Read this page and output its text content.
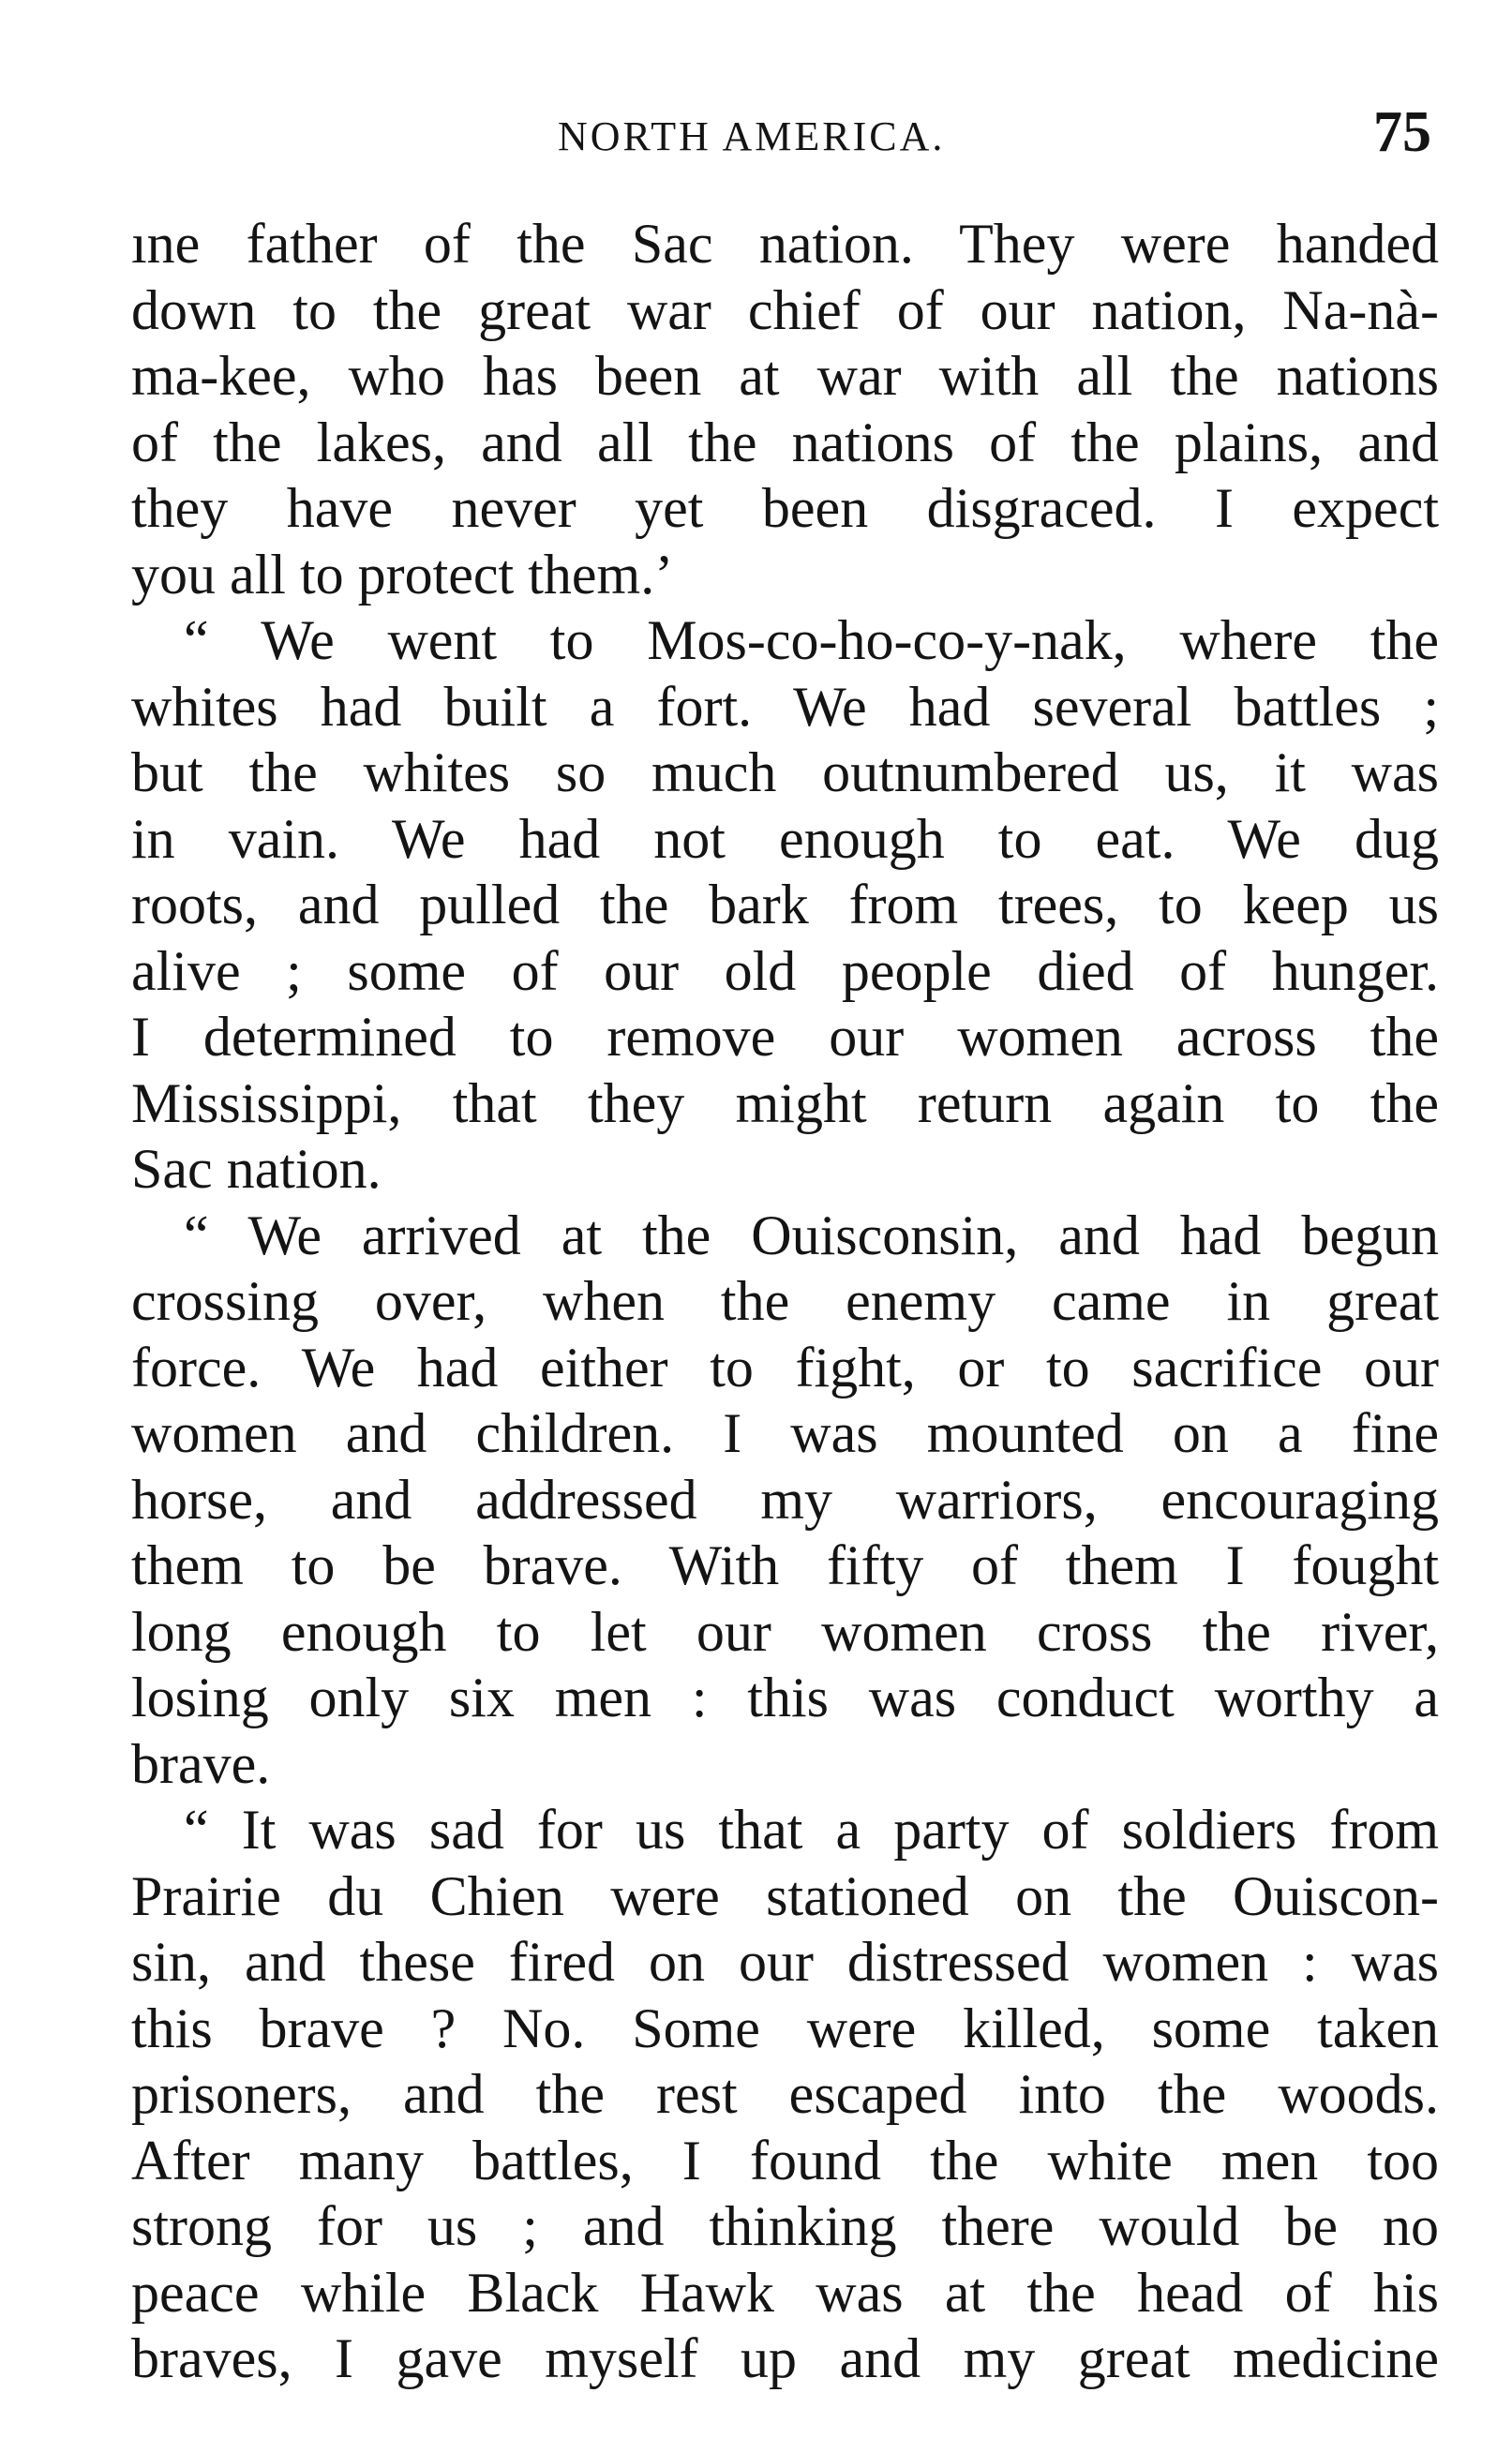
NORTH AMERICA.	75
ıne father of the Sac nation. They were handed
down to the great war chief of our nation, Na-nà-
ma-kee, who has been at war with all the nations
of the lakes, and all the nations of the plains, and
they have never yet been disgraced. I expect
you all to protect them.’
“ We went to Mos-co-ho-co-y-nak, where the
whites had built a fort. We had several battles ;
but the whites so much outnumbered us, it was
in vain. We had not enough to eat. We dug
roots, and pulled the bark from trees, to keep us
alive ; some of our old people died of hunger.
I determined to remove our women across the
Mississippi, that they might return again to the
Sac nation.
“ We arrived at the Ouisconsin, and had begun
crossing over, when the enemy came in great
force. We had either to fight, or to sacrifice our
women and children. I was mounted on a fine
horse, and addressed my warriors, encouraging
them to be brave. With fifty of them I fought
long enough to let our women cross the river,
losing only six men : this was conduct worthy a
brave.
“ It was sad for us that a party of soldiers from
Prairie du Chien were stationed on the Ouiscon-
sin, and these fired on our distressed women : was
this brave ? No. Some were killed, some taken
prisoners, and the rest escaped into the woods.
After many battles, I found the white men too
strong for us ; and thinking there would be no
peace while Black Hawk was at the head of his
braves, I gave myself up and my great medicine
